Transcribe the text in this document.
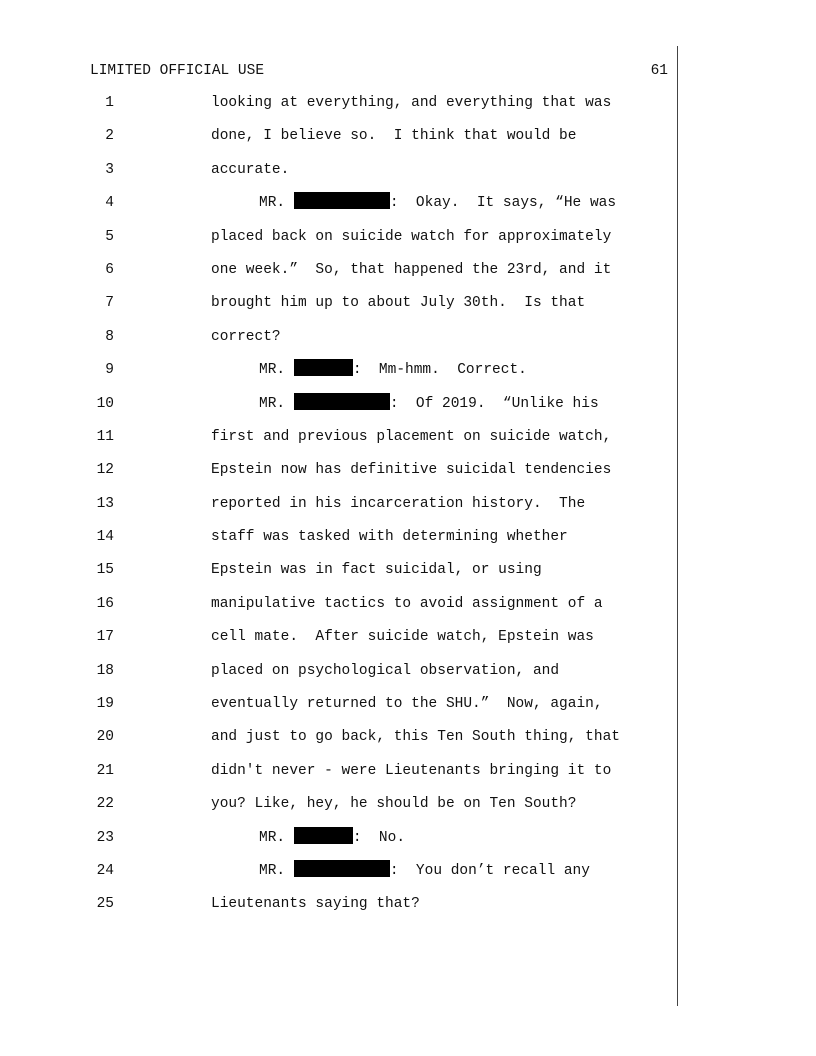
LIMITED OFFICIAL USE	61
1	looking at everything, and everything that was
2	done, I believe so.  I think that would be
3	accurate.
4	MR.	:  Okay.  It says, “He was
5	placed back on suicide watch for approximately
6	one week.”  So, that happened the 23rd, and it
7	brought him up to about July 30th.  Is that
8	correct?
9	MR.	:  Mm-hmm.  Correct.
10	MR.	:  Of 2019.  “Unlike his
11	first and previous placement on suicide watch,
12	Epstein now has definitive suicidal tendencies
13	reported in his incarceration history.  The
14	staff was tasked with determining whether
15	Epstein was in fact suicidal, or using
16	manipulative tactics to avoid assignment of a
17	cell mate.  After suicide watch, Epstein was
18	placed on psychological observation, and
19	eventually returned to the SHU.”  Now, again,
20	and just to go back, this Ten South thing, that
21	didn't never - were Lieutenants bringing it to
22	you? Like, hey, he should be on Ten South?
23	MR.	:  No.
24	MR.	:  You don’t recall any
25	Lieutenants saying that?
